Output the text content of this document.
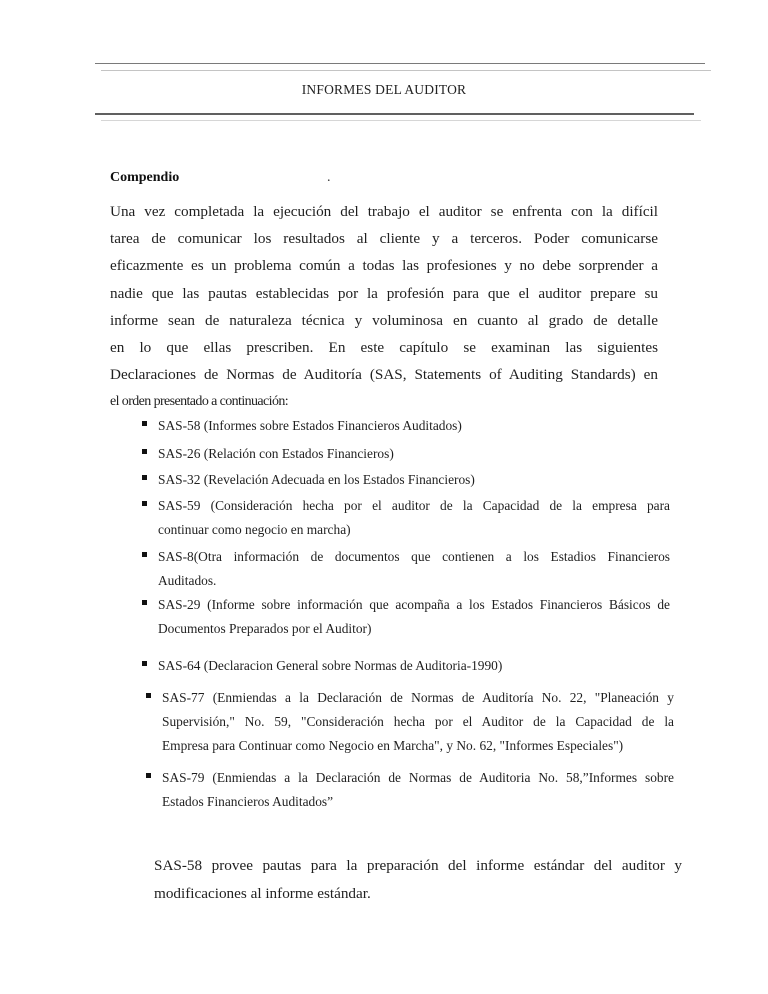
INFORMES DEL AUDITOR
Compendio	.
Una vez completada la ejecución del trabajo el auditor se enfrenta con la difícil
tarea de comunicar los resultados al cliente y a terceros. Poder comunicarse
eficazmente es un problema común a todas las profesiones y no debe sorprender a
nadie que las pautas establecidas por la profesión para que el auditor prepare su
informe sean de naturaleza técnica y voluminosa en cuanto al grado de detalle
en lo que ellas prescriben. En este capítulo se examinan las siguientes
Declaraciones de Normas de Auditoría (SAS, Statements of Auditing Standards) en
el orden presentado a continuación:
SAS-58 (Informes sobre Estados Financieros Auditados)
SAS-26 (Relación con Estados Financieros)
SAS-32 (Revelación Adecuada en los Estados Financieros)
SAS-59 (Consideración hecha por el auditor de la Capacidad de la empresa para
continuar como negocio en marcha)
SAS-8(Otra información de documentos que contienen a los Estadios Financieros
Auditados.
SAS-29 (Informe sobre información que acompaña a los Estados Financieros Básicos de
Documentos Preparados por el Auditor)
SAS-64 (Declaracion General sobre Normas de Auditoria-1990)
SAS-77 (Enmiendas a la Declaración de Normas de Auditoría No. 22, "Planeación y
Supervisión," No. 59, "Consideración hecha por el Auditor de la Capacidad de la
Empresa para Continuar como Negocio en Marcha", y No. 62, "Informes Especiales")
SAS-79 (Enmiendas a la Declaración de Normas de Auditoria No. 58,”Informes sobre
Estados Financieros Auditados”
SAS-58 provee pautas para la preparación del informe estándar del auditor y
modificaciones al informe estándar.
